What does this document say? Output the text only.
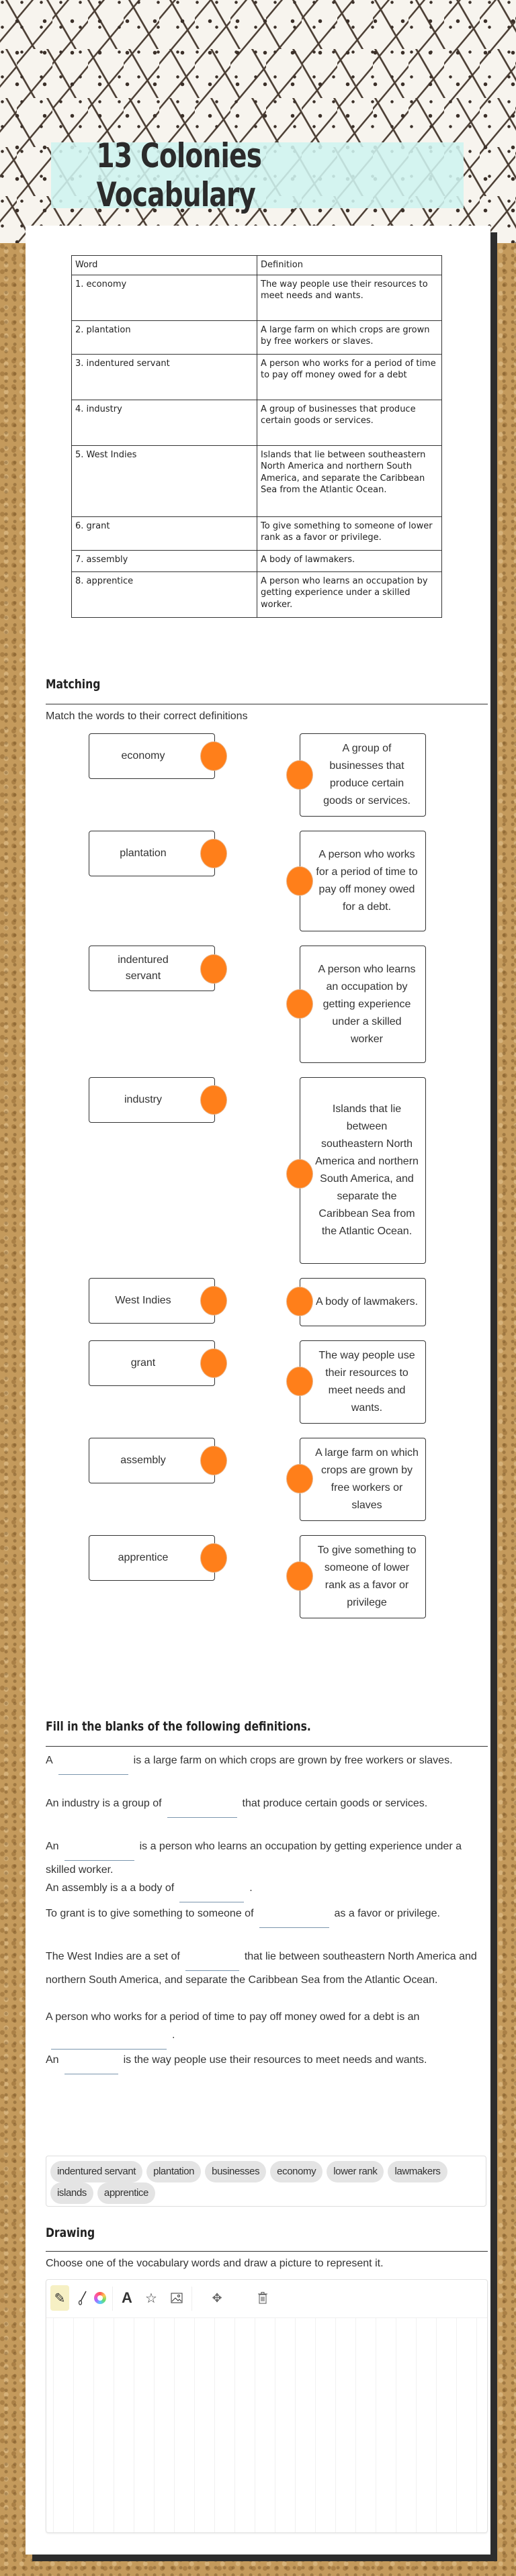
13 Colonies Vocabulary
Word	Definition
1. economy	The way people use their resources to meet needs and wants.
2. plantation	A large farm on which crops are grown by free workers or slaves.
3. indentured servant	A person who works for a period of time to pay off money owed for a debt
4. industry	A group of businesses that produce certain goods or services.
5. West Indies	Islands that lie between southeastern North America and northern South America, and separate the Caribbean Sea from the Atlantic Ocean.
6. grant	To give something to someone of lower rank as a favor or privilege.
7. assembly	A body of lawmakers.
8. apprentice	A person who learns an occupation by getting experience under a skilled worker.
Matching
Match the words to their correct definitions
economy
plantation
indentured servant
industry
West Indies
grant
assembly
apprentice
A group of businesses that produce certain goods or services.
A person who works for a period of time to pay off money owed for a debt.
A person who learns an occupation by getting experience under a skilled worker
Islands that lie between southeastern North America and northern South America, and separate the Caribbean Sea from the Atlantic Ocean.
A body of lawmakers.
The way people use their resources to meet needs and wants.
A large farm on which crops are grown by free workers or slaves
To give something to someone of lower rank as a favor or privilege
Fill in the blanks of the following definitions.
A	is a large farm on which crops are grown by free workers or slaves.
An industry is a group of	that produce certain goods or services.
An	is a person who learns an occupation by getting experience under a skilled worker.
An assembly is a a body of	.
To grant is to give something to someone of	as a favor or privilege.
The West Indies are a set of	that lie between southeastern North America and northern South America, and separate the Caribbean Sea from the Atlantic Ocean.
A person who works for a period of time to pay off money owed for a debt is an.
An	is the way people use their resources to meet needs and wants.
indentured servant	plantation	businesses	economy	lower rank	lawmakers
islands	apprentice
Drawing
Choose one of the vocabulary words and draw a picture to represent it.
✎	A ☆	✥
